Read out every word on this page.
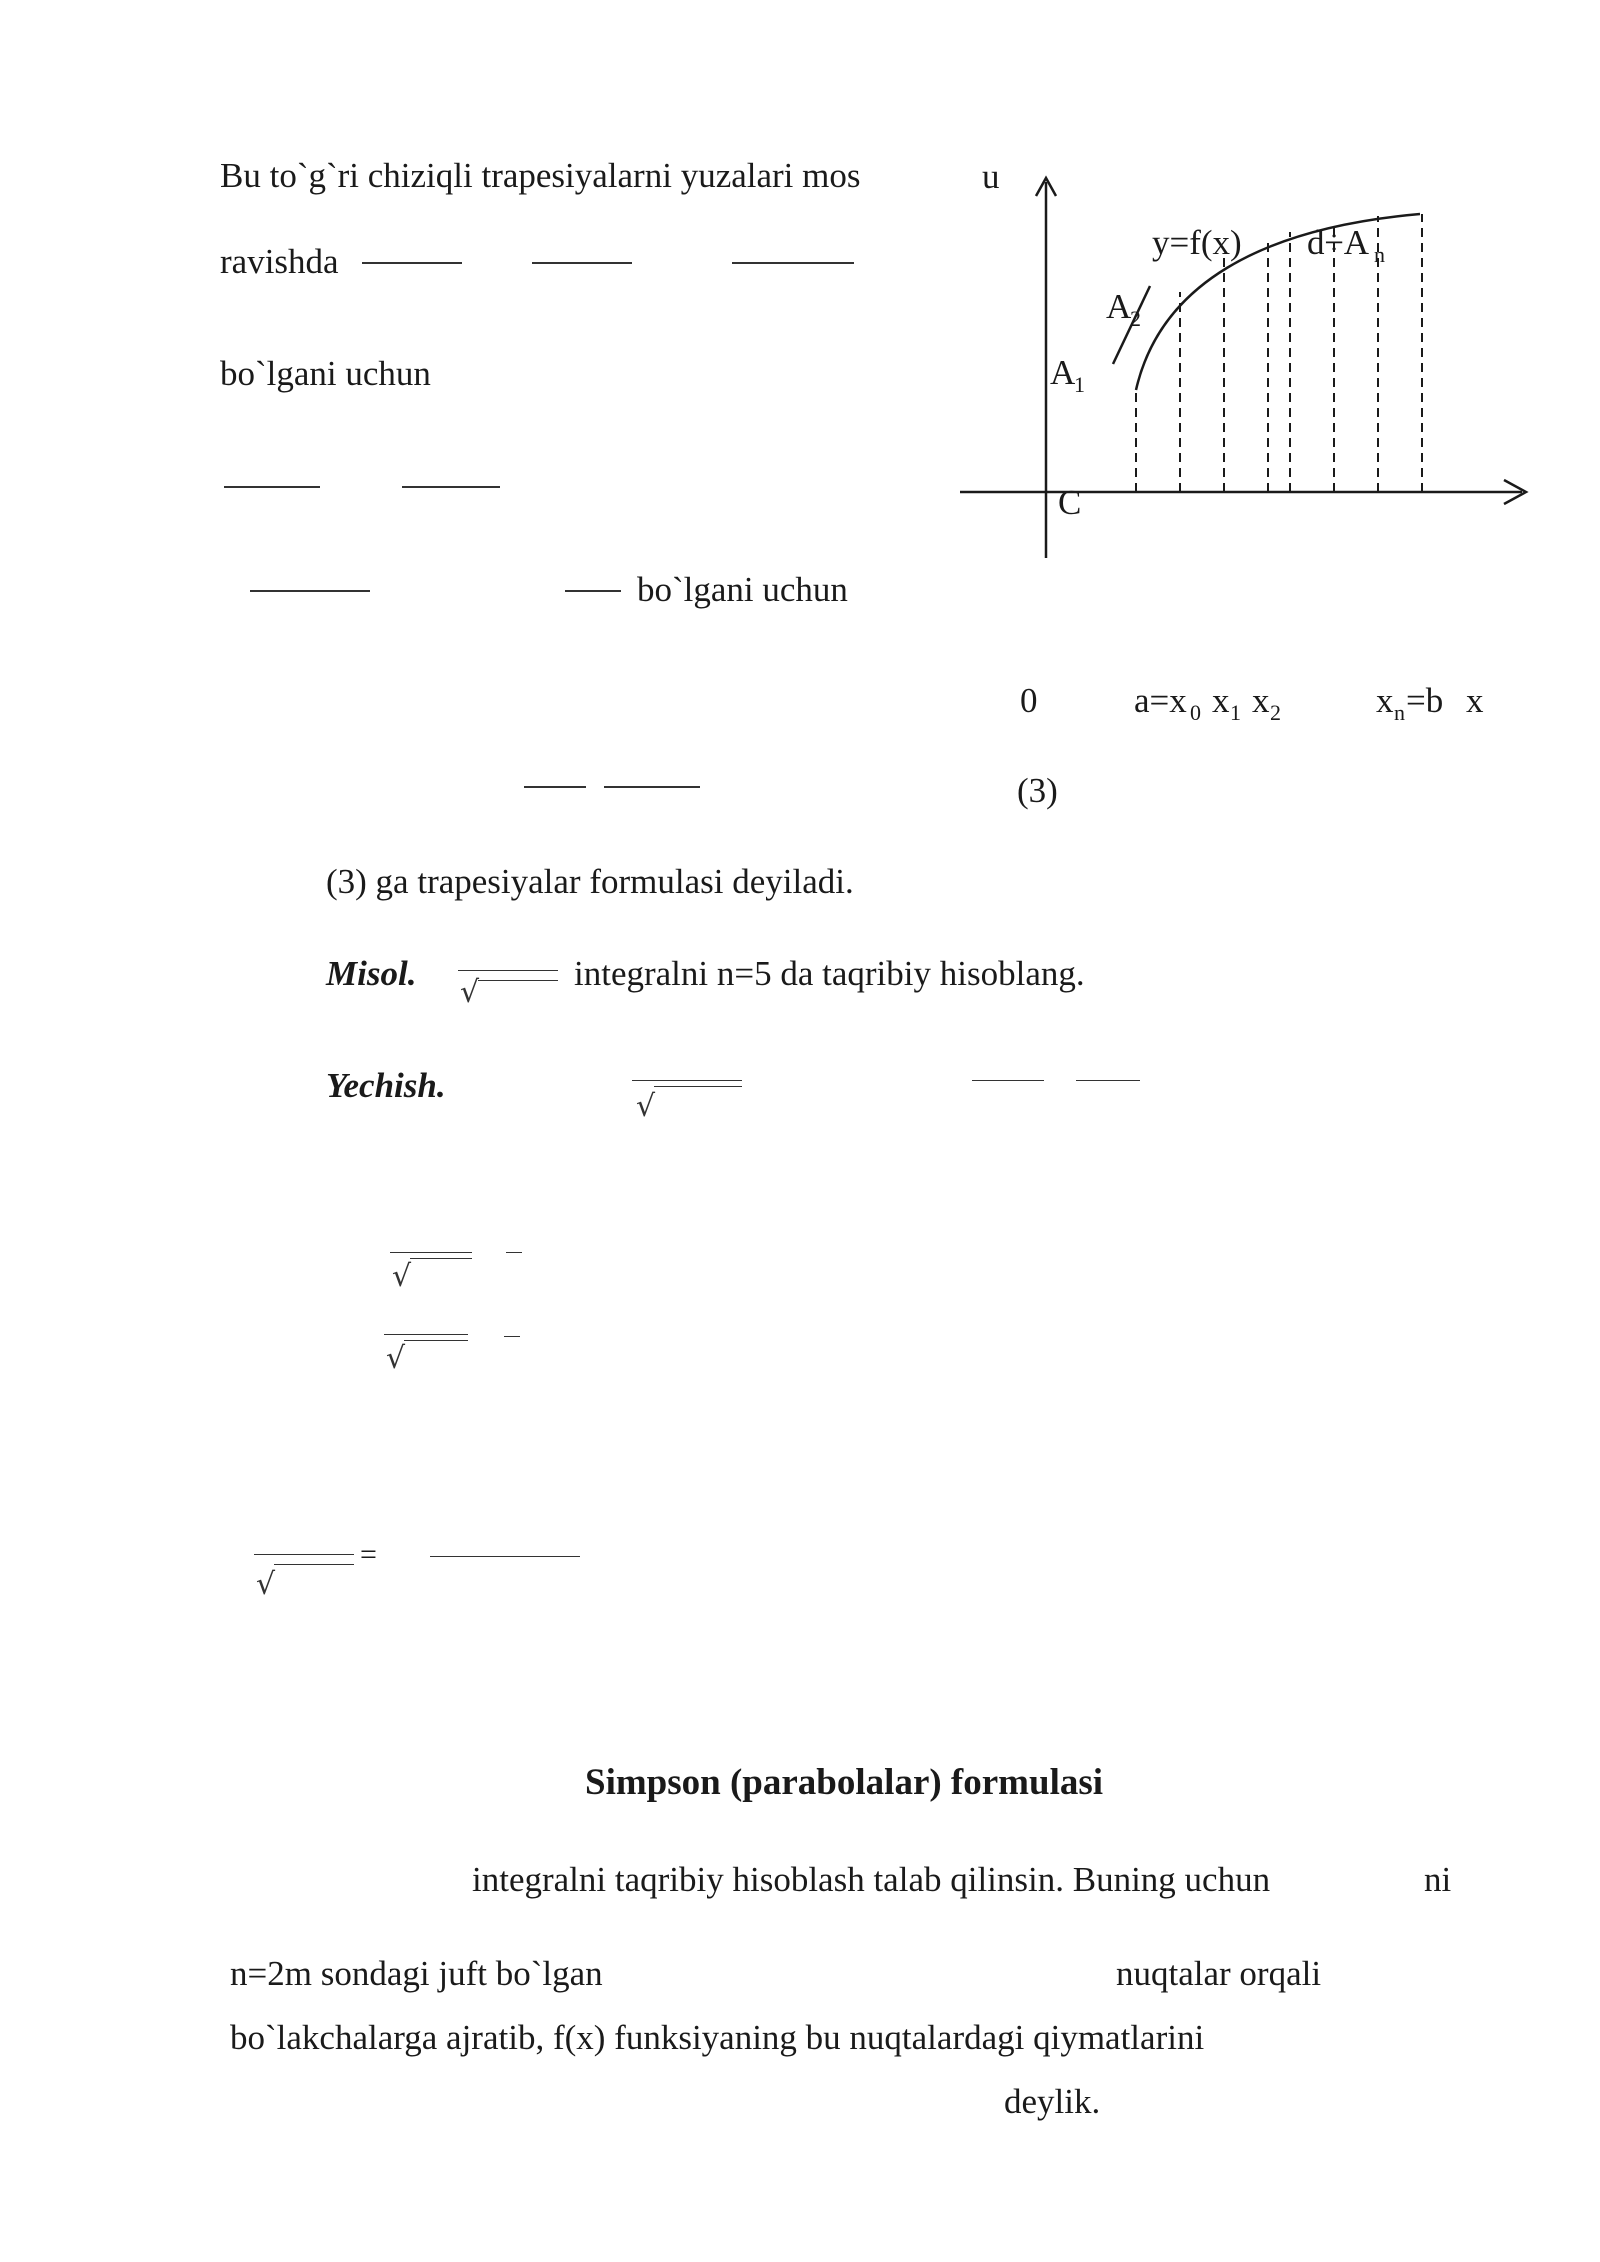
Bu to`g`ri chiziqli trapesiyalarni yuzalari mos
ravishda
bo`lgani uchun
bo`lgani uchun
u
y=f(x) d÷A n
A
2
A
1
C
0	a=x 0 x 1 x 2	x n =b x
(3)
(3) ga trapesiyalar formulasi deyiladi.
Misol. √	integralni n=5 da taqribiy hisoblang.
Yechish.
√
√
√
√
=
Simpson (parabolalar) formulasi
integralni taqribiy hisoblash talab qilinsin. Buning uchun	ni
n=2m sondagi juft bo`lgan	nuqtalar orqali
bo`lakchalarga ajratib, f(x) funksiyaning bu nuqtalardagi qiymatlarini
deylik.
